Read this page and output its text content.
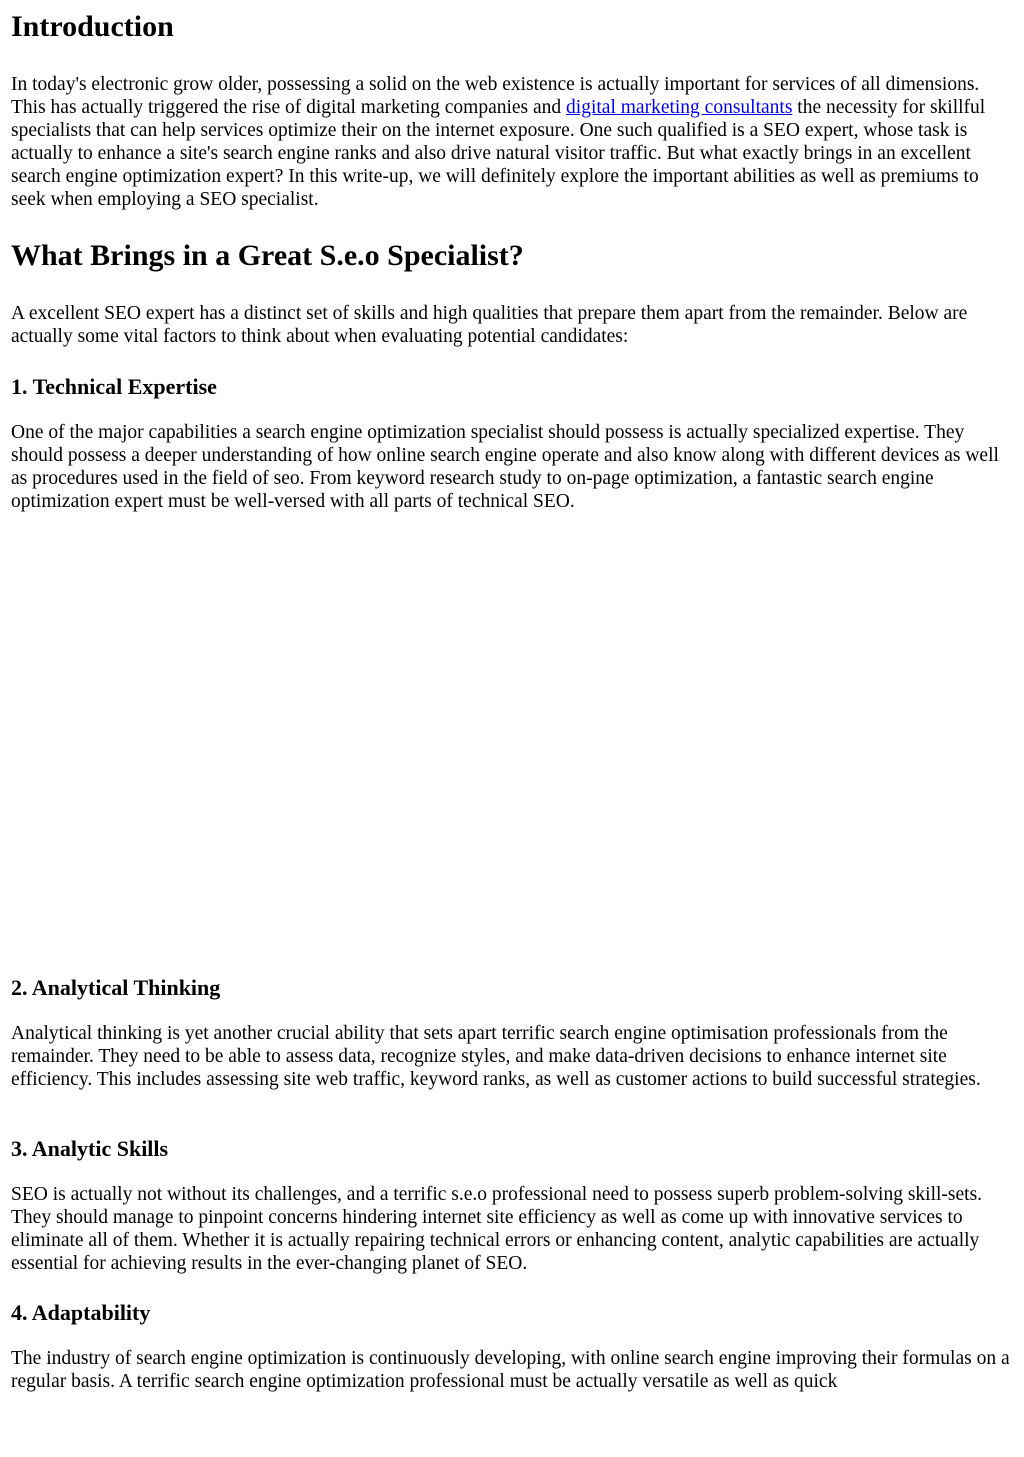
Introduction

In today's electronic grow older, possessing a solid on the web existence is actually important for services of all dimensions. This has actually triggered the rise of digital marketing companies and digital marketing consultants the necessity for skillful specialists that can help services optimize their on the internet exposure. One such qualified is a SEO expert, whose task is actually to enhance a site's search engine ranks and also drive natural visitor traffic. But what exactly brings in an excellent search engine optimization expert? In this write-up, we will definitely explore the important abilities as well as premiums to seek when employing a SEO specialist.

What Brings in a Great S.e.o Specialist?

A excellent SEO expert has a distinct set of skills and high qualities that prepare them apart from the remainder. Below are actually some vital factors to think about when evaluating potential candidates:

1. Technical Expertise

One of the major capabilities a search engine optimization specialist should possess is actually specialized expertise. They should possess a deeper understanding of how online search engine operate and also know along with different devices as well as procedures used in the field of seo. From keyword research study to on-page optimization, a fantastic search engine optimization expert must be well-versed with all parts of technical SEO.

2. Analytical Thinking

Analytical thinking is yet another crucial ability that sets apart terrific search engine optimisation professionals from the remainder. They need to be able to assess data, recognize styles, and make data-driven decisions to enhance internet site efficiency. This includes assessing site web traffic, keyword ranks, as well as customer actions to build successful strategies.

3. Analytic Skills

SEO is actually not without its challenges, and a terrific s.e.o professional need to possess superb problem-solving skill-sets. They should manage to pinpoint concerns hindering internet site efficiency as well as come up with innovative services to eliminate all of them. Whether it is actually repairing technical errors or enhancing content, analytic capabilities are actually essential for achieving results in the ever-changing planet of SEO.

4. Adaptability

The industry of search engine optimization is continuously developing, with online search engine improving their formulas on a regular basis. A terrific search engine optimization professional must be actually versatile as well as quick
